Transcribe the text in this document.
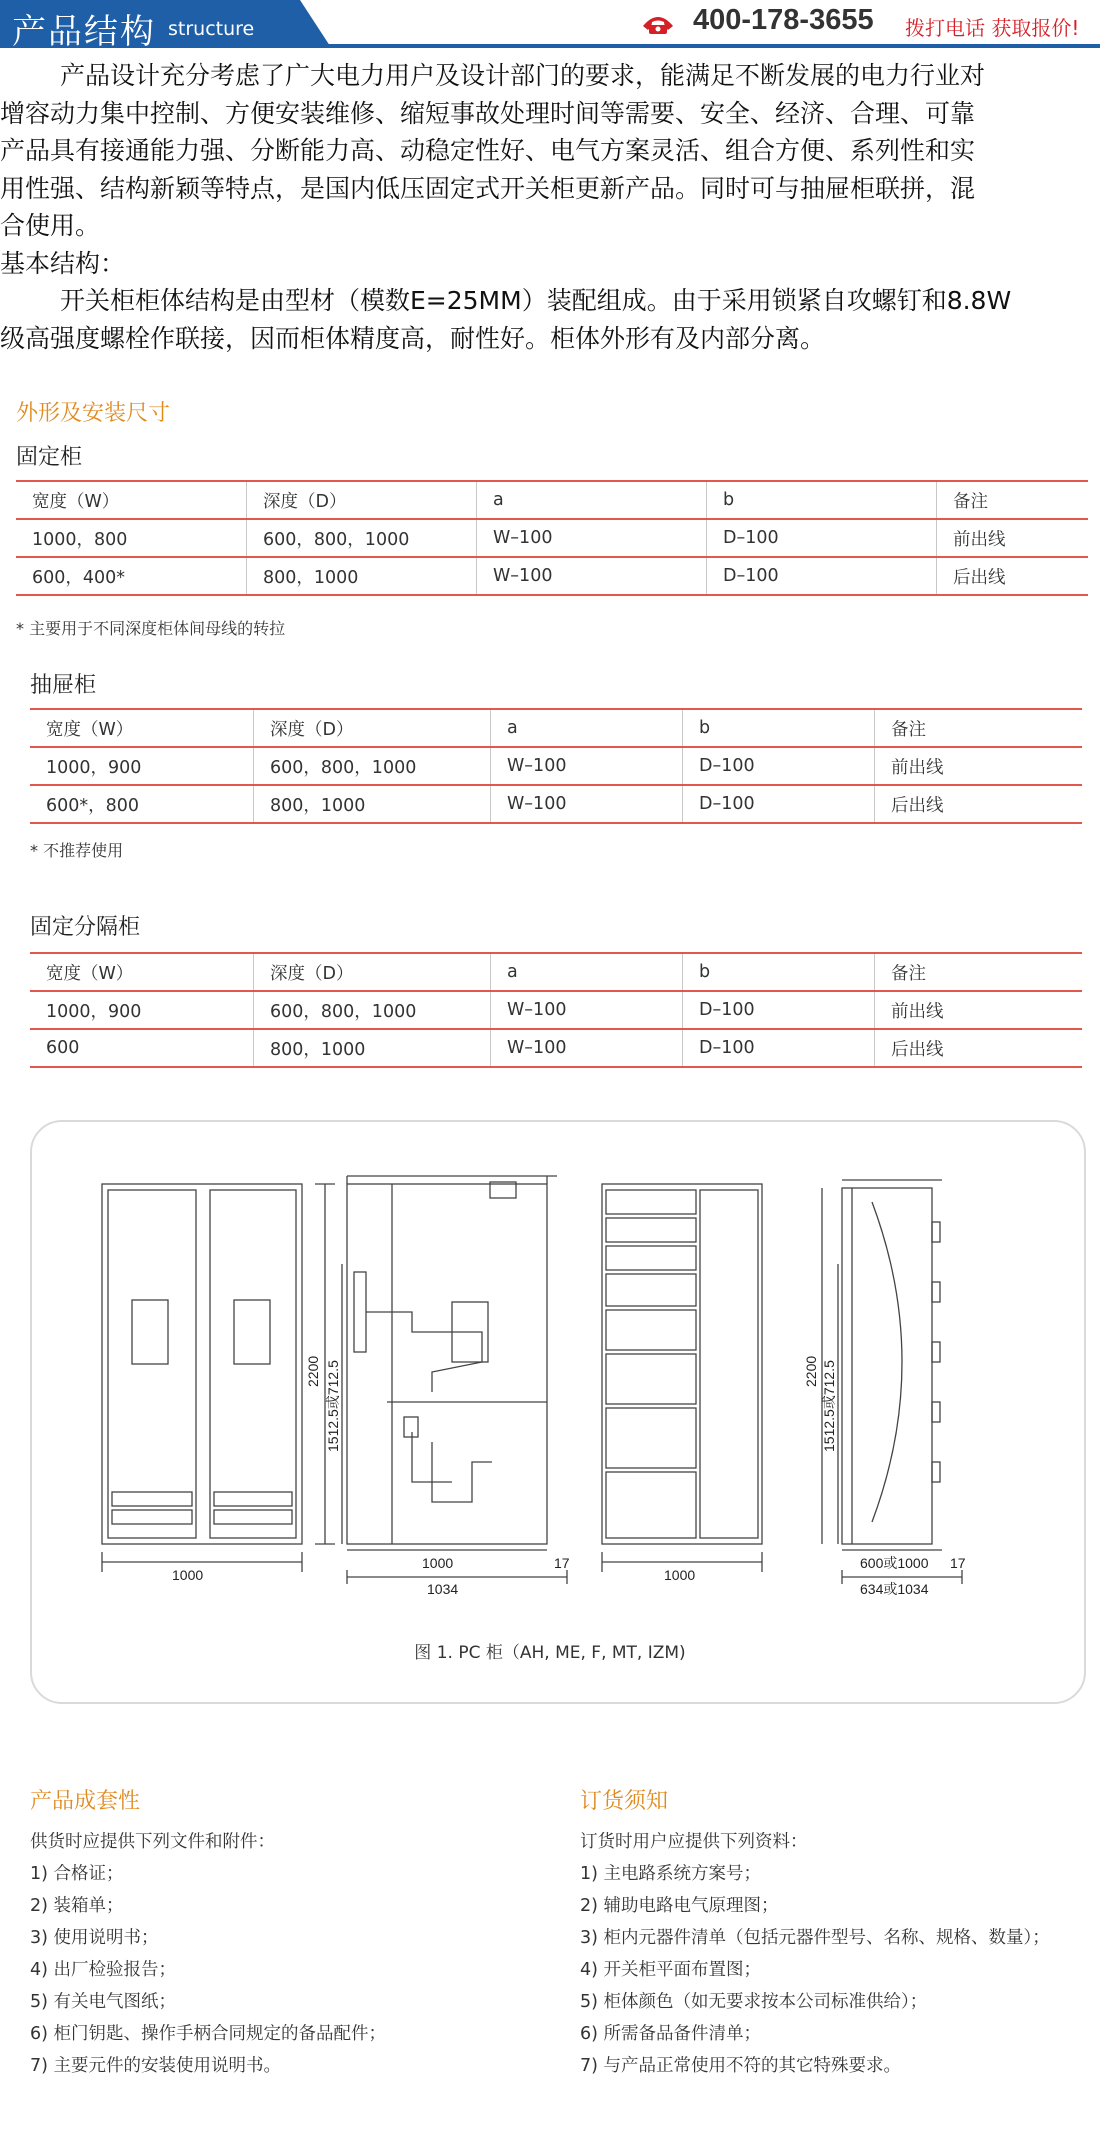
产品结构 structure	400-178-3655 拨打电话 获取报价!
产品设计充分考虑了广大电力用户及设计部门的要求，能满足不断发展的电力行业对
增容动力集中控制、方便安装维修、缩短事故处理时间等需要、安全、经济、合理、可靠
产品具有接通能力强、分断能力高、动稳定性好、电气方案灵活、组合方便、系列性和实
用性强、结构新颖等特点，是国内低压固定式开关柜更新产品。同时可与抽屉柜联拼，混
合使用。
基本结构：
开关柜柜体结构是由型材（模数E=25MM）装配组成。由于采用锁紧自攻螺钉和8.8W
级高强度螺栓作联接，因而柜体精度高，耐性好。柜体外形有及内部分离。
外形及安装尺寸
固定柜
宽度（W）	深度（D）	a	b	备注
1000，800	600，800，1000	W–100	D–100	前出线
600，400*	800，1000	W–100	D–100	后出线
* 主要用于不同深度柜体间母线的转拉
抽屉柜
宽度（W）	深度（D）	a	b	备注
1000，900	600，800，1000	W–100	D–100	前出线
600*，800	800，1000	W–100	D–100	后出线
* 不推荐使用
固定分隔柜
宽度（W）	深度（D）	a	b	备注
1000，900	600，800，1000	W–100	D–100	前出线
600	800，1000	W–100	D–100	后出线
1000
2200 1512.5或712.5
1000	17
1034
1000
2200 1512.5或712.5
600或1000 17
634或1034
图 1. PC 柜（AH, ME, F, MT, IZM)
产品成套性
供货时应提供下列文件和附件：
1) 合格证；
2) 装箱单；
3) 使用说明书；
4) 出厂检验报告；
5) 有关电气图纸；
6) 柜门钥匙、操作手柄合同规定的备品配件；
7) 主要元件的安装使用说明书。
订货须知
订货时用户应提供下列资料：
1) 主电路系统方案号；
2) 辅助电路电气原理图；
3) 柜内元器件清单（包括元器件型号、名称、规格、数量）；
4) 开关柜平面布置图；
5) 柜体颜色（如无要求按本公司标准供给）；
6) 所需备品备件清单；
7) 与产品正常使用不符的其它特殊要求。
